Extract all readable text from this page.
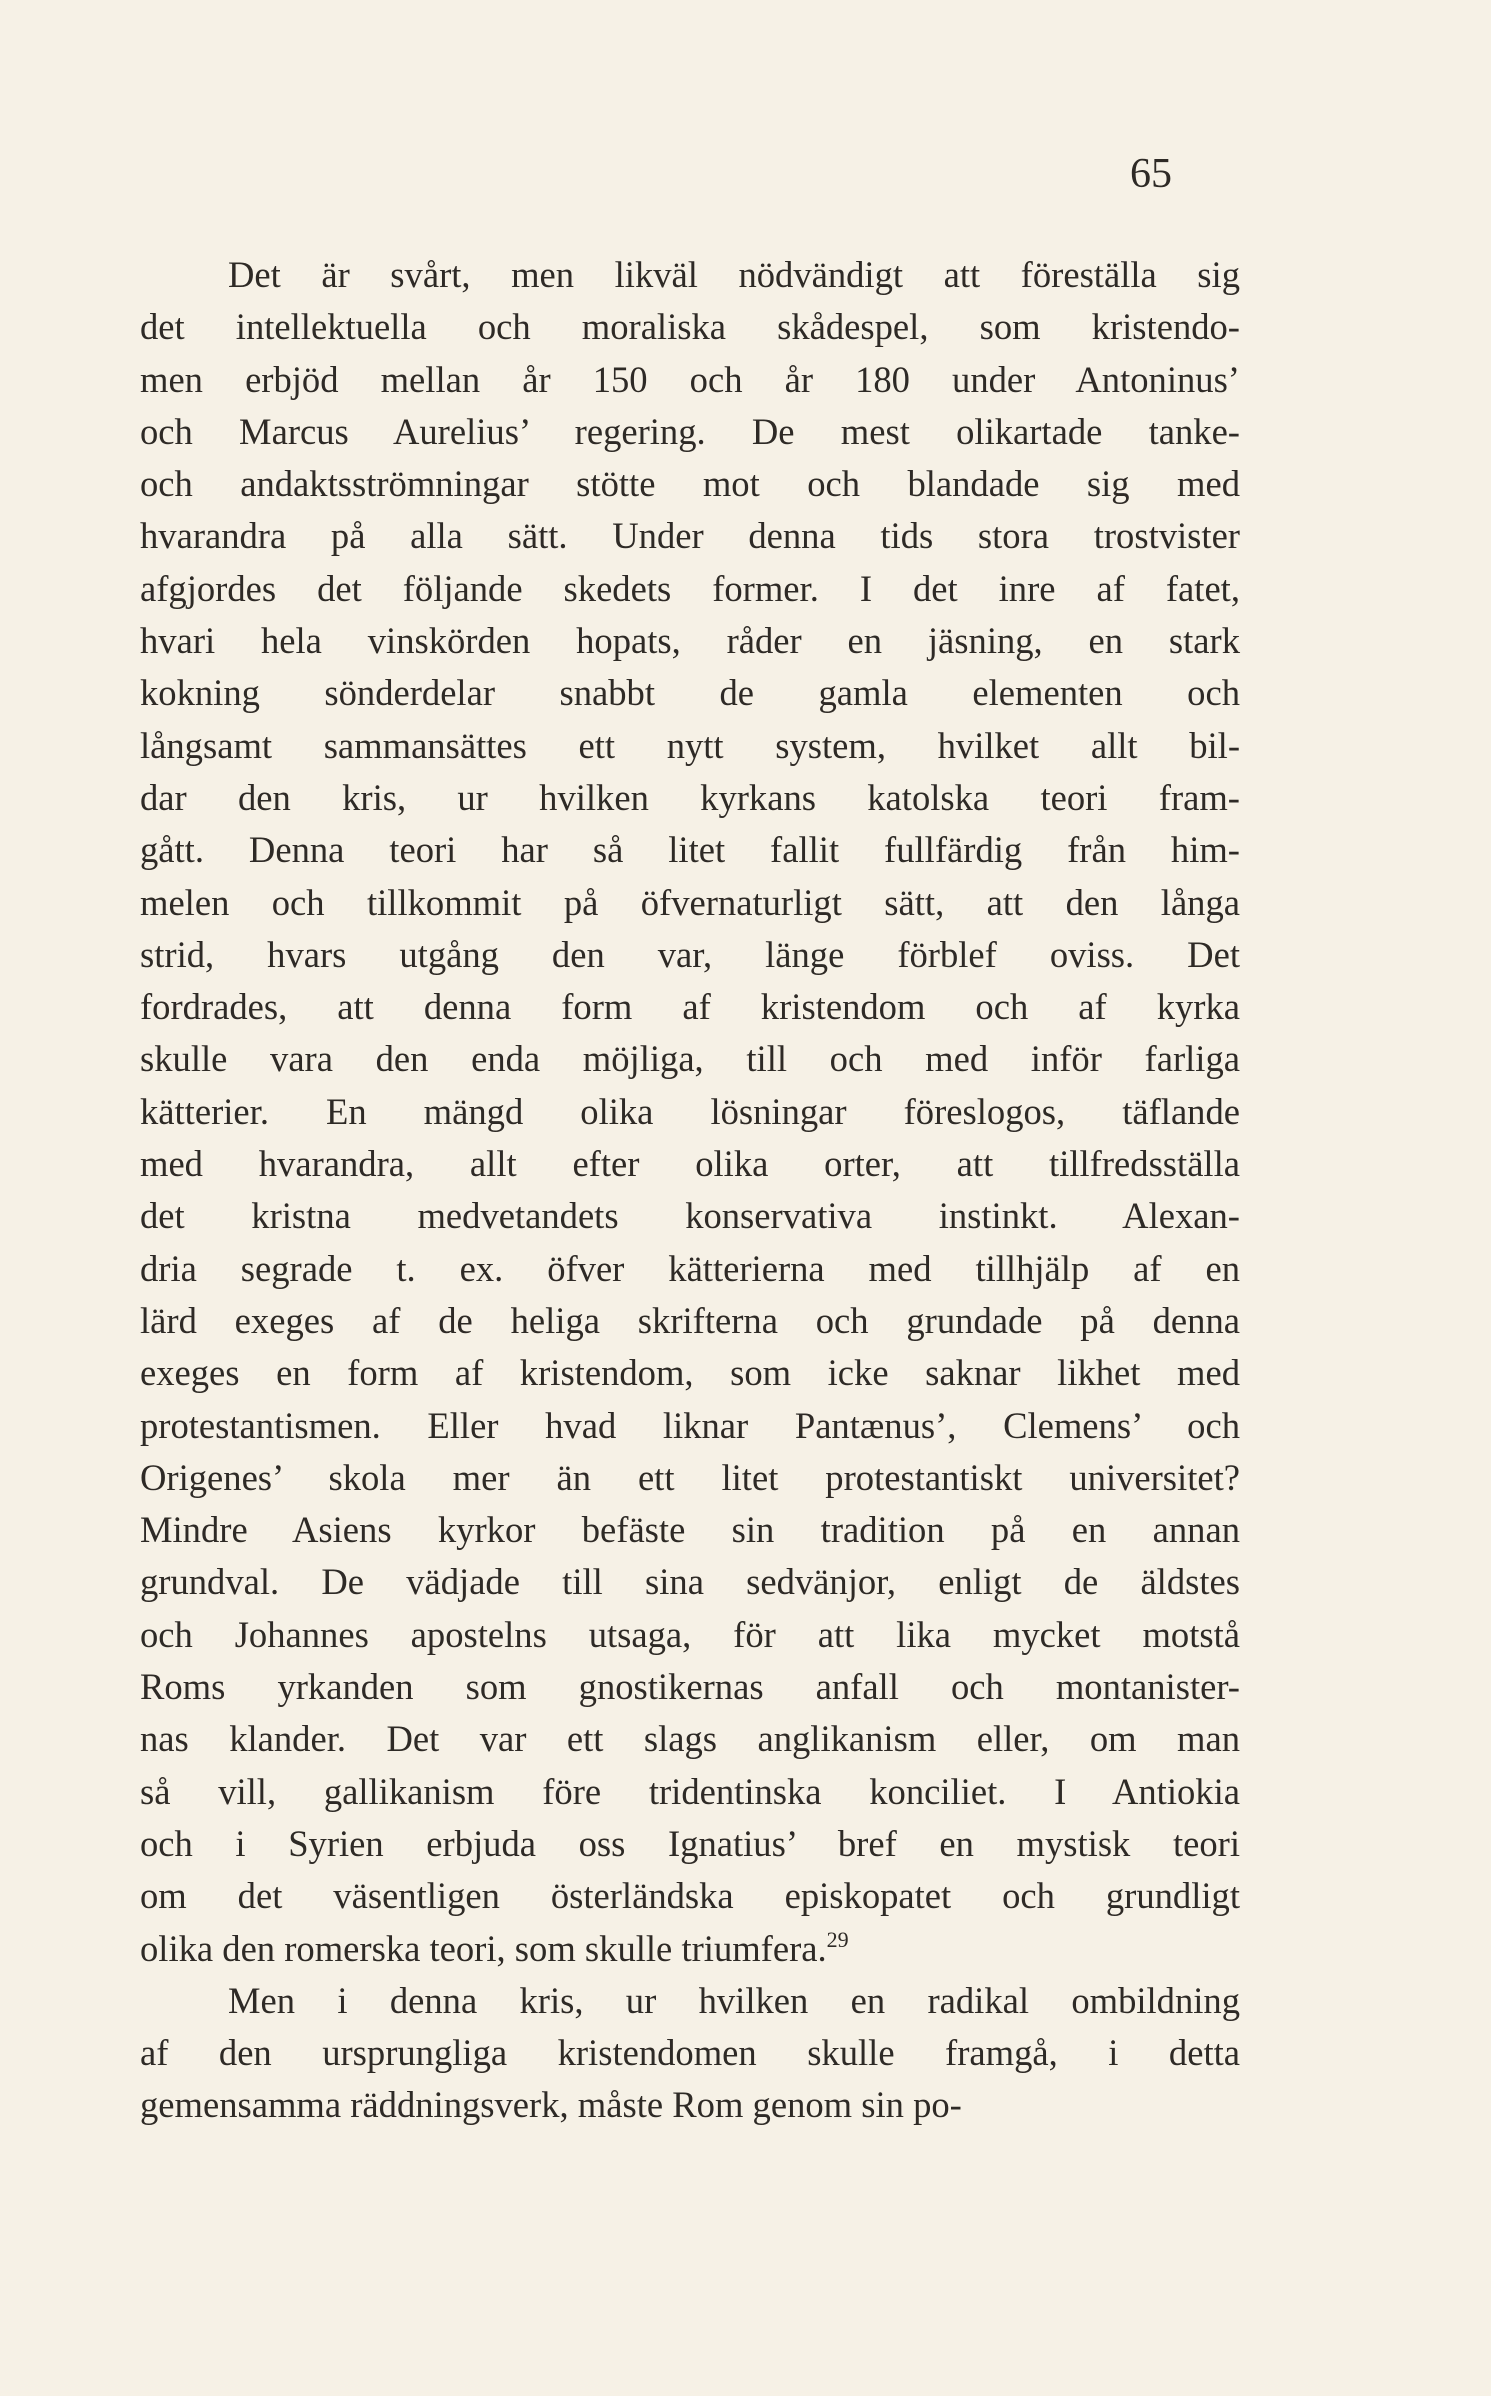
65
Det är svårt, men likväl nödvändigt att föreställa sig
det intellektuella och moraliska skådespel, som kristendo-
men erbjöd mellan år 150 och år 180 under Antoninus’
och Marcus Aurelius’ regering. De mest olikartade tanke-
och andaktsströmningar stötte mot och blandade sig med
hvarandra på alla sätt. Under denna tids stora trostvister
afgjordes det följande skedets former. I det inre af fatet,
hvari hela vinskörden hopats, råder en jäsning, en stark
kokning sönderdelar snabbt de gamla elementen och
långsamt sammansättes ett nytt system, hvilket allt bil-
dar den kris, ur hvilken kyrkans katolska teori fram-
gått. Denna teori har så litet fallit fullfärdig från him-
melen och tillkommit på öfvernaturligt sätt, att den långa
strid, hvars utgång den var, länge förblef oviss. Det
fordrades, att denna form af kristendom och af kyrka
skulle vara den enda möjliga, till och med inför farliga
kätterier. En mängd olika lösningar föreslogos, täflande
med hvarandra, allt efter olika orter, att tillfredsställa
det kristna medvetandets konservativa instinkt. Alexan-
dria segrade t. ex. öfver kätterierna med tillhjälp af en
lärd exeges af de heliga skrifterna och grundade på denna
exeges en form af kristendom, som icke saknar likhet med
protestantismen. Eller hvad liknar Pantænus’, Clemens’ och
Origenes’ skola mer än ett litet protestantiskt universitet?
Mindre Asiens kyrkor befäste sin tradition på en annan
grundval. De vädjade till sina sedvänjor, enligt de äldstes
och Johannes apostelns utsaga, för att lika mycket motstå
Roms yrkanden som gnostikernas anfall och montanister-
nas klander. Det var ett slags anglikanism eller, om man
så vill, gallikanism före tridentinska konciliet. I Antiokia
och i Syrien erbjuda oss Ignatius’ bref en mystisk teori
om det väsentligen österländska episkopatet och grundligt
olika den romerska teori, som skulle triumfera.$^{29}$
Men i denna kris, ur hvilken en radikal ombildning
af den ursprungliga kristendomen skulle framgå, i detta
gemensamma räddningsverk, måste Rom genom sin po-
